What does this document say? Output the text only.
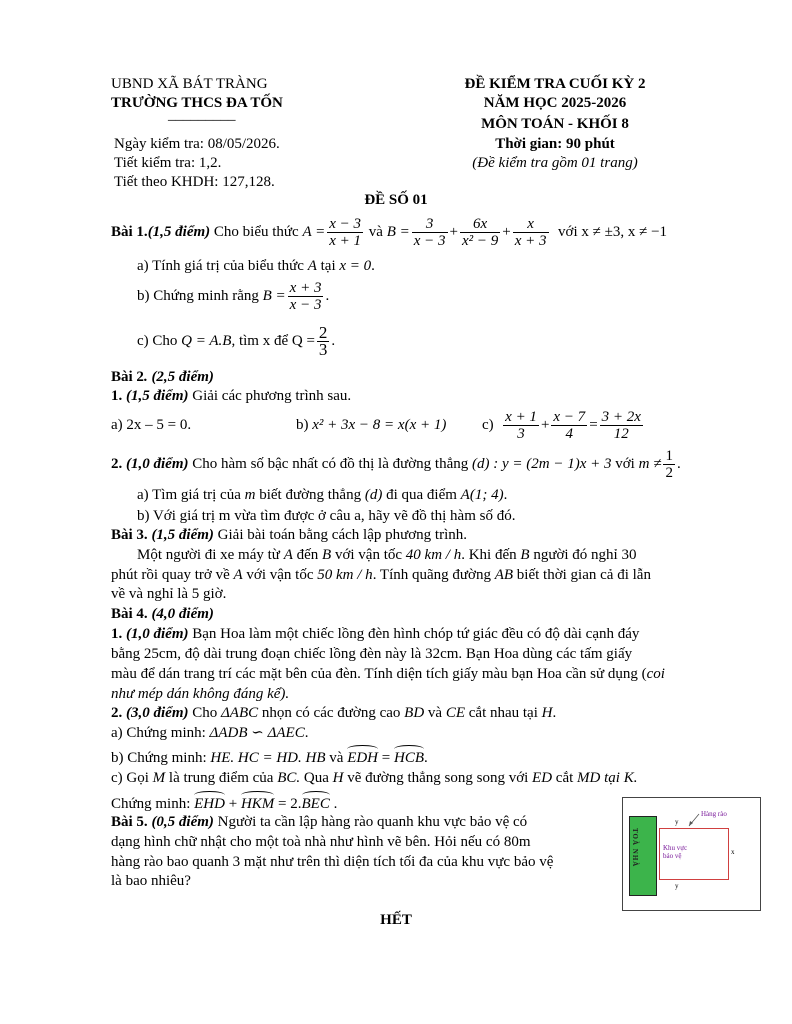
UBND XÃ BÁT TRÀNG
TRƯỜNG THCS ĐA TỐN
_________
Ngày kiểm tra: 08/05/2026.
Tiết kiểm tra: 1,2.
Tiết theo KHDH: 127,128.
ĐỀ KIỂM TRA CUỐI KỲ 2
NĂM HỌC 2025-2026
MÔN TOÁN - KHỐI 8
Thời gian: 90 phút
(Đề kiểm tra gồm 01 trang)
ĐỀ SỐ 01
Bài 1.(1,5 điểm) Cho biểu thức $A = \frac{x - 3}{x + 1}$ và $B = \frac{3}{x - 3} + \frac{6x}{\text{x² − 9}} + \frac{x}{x + 3}$ với x ≠ ±3, x ≠ −1
a) Tính giá trị của biểu thức A tại x = 0.
b) Chứng minh rằng $B = \frac{x + 3}{x - 3}$ .
c) Cho Q = A.B, tìm x để $Q = \frac{2}{3}$ .
Bài 2. (2,5 điểm)
1. (1,5 điểm) Giải các phương trình sau.
a) 2x – 5 = 0.	b) x² + 3x − 8 = x(x + 1) $c) \frac{x + 1}{3} + \frac{x - 7}{4} = \frac{3 + 2x}{12}$
2. (1,0 điểm) Cho hàm số bậc nhất có đồ thị là đường thẳng (d) : y = (2m − 1)x + 3 với $m \ne \frac{1}{2}$ .
a) Tìm giá trị của m biết đường thẳng (d) đi qua điểm A(1; 4).
b) Với giá trị m vừa tìm được ở câu a, hãy vẽ đồ thị hàm số đó.
Bài 3. (1,5 điểm) Giải bài toán bằng cách lập phương trình.
Một người đi xe máy từ A đến B với vận tốc 40 km / h. Khi đến B người đó nghỉ 30
phút rồi quay trở về A với vận tốc 50 km / h. Tính quãng đường AB biết thời gian cả đi lẫn
về và nghỉ là 5 giờ.
Bài 4. (4,0 điểm)
1. (1,0 điểm) Bạn Hoa làm một chiếc lồng đèn hình chóp tứ giác đều có độ dài cạnh đáy
bằng 25cm, độ dài trung đoạn chiếc lồng đèn này là 32cm. Bạn Hoa dùng các tấm giấy
màu để dán trang trí các mặt bên của đèn. Tính diện tích giấy màu bạn Hoa cần sử dụng (coi
như mép dán không đáng kể).
2. (3,0 điểm) Cho ΔABC nhọn có các đường cao BD và CE cắt nhau tại H.
a) Chứng minh: ΔADB ∽ ΔAEC.
b) Chứng minh: HE. HC = HD. HB và EDH = HCB.
c) Gọi M là trung điểm của BC. Qua H vẽ đường thẳng song song với ED cắt MD tại K.
Chứng minh: EHD + HKM = 2.BEC .
Bài 5. (0,5 điểm) Người ta cần lập hàng rào quanh khu vực bảo vệ có
dạng hình chữ nhật cho một toà nhà như hình vẽ bên. Hỏi nếu có 80m
hàng rào bao quanh 3 mặt như trên thì diện tích tối đa của khu vực bảo vệ
là bao nhiêu?
TOÀ NHÀ	Khu vực
bảo vệ
Hàng rào
y
x
y
HẾT
